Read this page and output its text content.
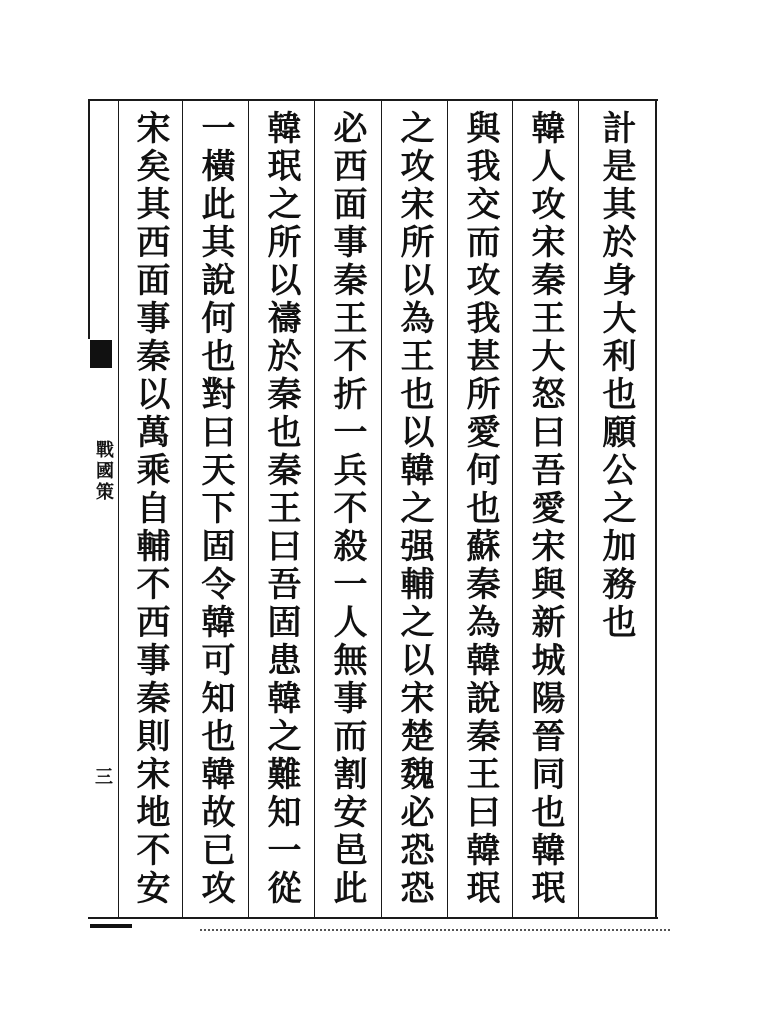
戰國策
三
計是其於身大利也願公之加務也
韓人攻宋秦王大怒曰吾愛宋與新城陽晉同也韓珉
與我交而攻我甚所愛何也蘇秦為韓說秦王曰韓珉
之攻宋所以為王也以韓之强輔之以宋楚魏必恐恐
必西面事秦王不折一兵不殺一人無事而割安邑此
韓珉之所以禱於秦也秦王曰吾固患韓之難知一從
一橫此其說何也對曰天下固令韓可知也韓故已攻
宋矣其西面事秦以萬乘自輔不西事秦則宋地不安
